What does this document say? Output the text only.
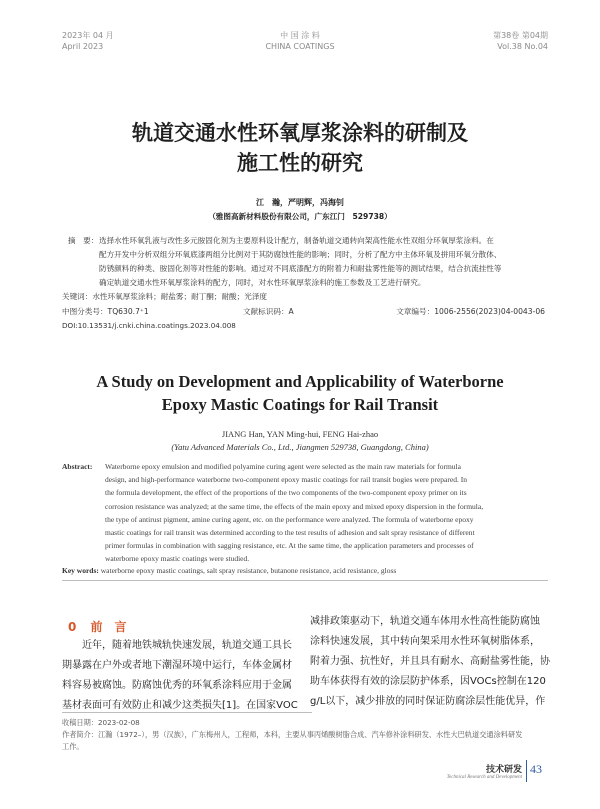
2023年 04 月
April 2023
中 国 涂 料
CHINA COATINGS
第38卷 第04期
Vol.38 No.04
轨道交通水性环氧厚浆涂料的研制及
施工性的研究
江　瀚，严明辉，冯海钊
（雅图高新材料股份有限公司，广东江门　529738）
摘　要： 选择水性环氧乳液与改性多元胺固化剂为主要原料设计配方，制备轨道交通转向架高性能水性双组分环氧厚浆涂料。在
配方开发中分析双组分环氧底漆两组分比例对于其防腐蚀性能的影响；同时，分析了配方中主体环氧及拼用环氧分散体、
防锈颜料的种类、胺固化剂等对性能的影响。通过对不同底漆配方的附着力和耐盐雾性能等的测试结果，结合抗流挂性等
确定轨道交通水性环氧厚浆涂料的配方，同时，对水性环氧厚浆涂料的施工参数及工艺进行研究。
关键词：水性环氧厚浆涂料；耐盐雾；耐丁酮；耐酸；光泽度
中图分类号：TQ630.7⁺1	文献标识码：A	文章编号：1006-2556(2023)04-0043-06
DOI:10.13531/j.cnki.china.coatings.2023.04.008
A Study on Development and Applicability of Waterborne
Epoxy Mastic Coatings for Rail Transit
JIANG Han, YAN Ming-hui, FENG Hai-zhao
(Yatu Advanced Materials Co., Ltd., Jiangmen 529738, Guangdong, China)
Abstract: Waterborne epoxy emulsion and modified polyamine curing agent were selected as the main raw materials for formula
design, and high-performance waterborne two-component epoxy mastic coatings for rail transit bogies were prepared. In
the formula development, the effect of the proportions of the two components of the two-component epoxy primer on its
corrosion resistance was analyzed; at the same time, the effects of the main epoxy and mixed epoxy dispersion in the formula,
the type of antirust pigment, amine curing agent, etc. on the performance were analyzed. The formula of waterborne epoxy
mastic coatings for rail transit was determined according to the test results of adhesion and salt spray resistance of different
primer formulas in combination with sagging resistance, etc. At the same time, the application parameters and processes of
waterborne epoxy mastic coatings were studied.
Key words: waterborne epoxy mastic coatings, salt spray resistance, butanone resistance, acid resistance, gloss
0 前　言
　　近年，随着地铁城轨快速发展，轨道交通工具长
期暴露在户外或者地下潮湿环境中运行，车体金属材
料容易被腐蚀。防腐蚀优秀的环氧系涂料应用于金属
基材表面可有效防止和减少这类损失[1]。在国家VOC
减排政策驱动下，轨道交通车体用水性高性能防腐蚀
涂料快速发展，其中转向架采用水性环氧树脂体系，
附着力强、抗性好，并且具有耐水、高耐盐雾性能，协
助车体获得有效的涂层防护体系，因VOCs控制在120
g/L以下，减少排放的同时保证防腐涂层性能优异，作
收稿日期：2023-02-08
作者简介：江瀚（1972–），男（汉族），广东梅州人，工程师，本科，主要从事丙烯酸树脂合成、汽车修补涂料研发、水性大巴轨道交通涂料研发
工作。
技术研发
Technical Research and Development
43
